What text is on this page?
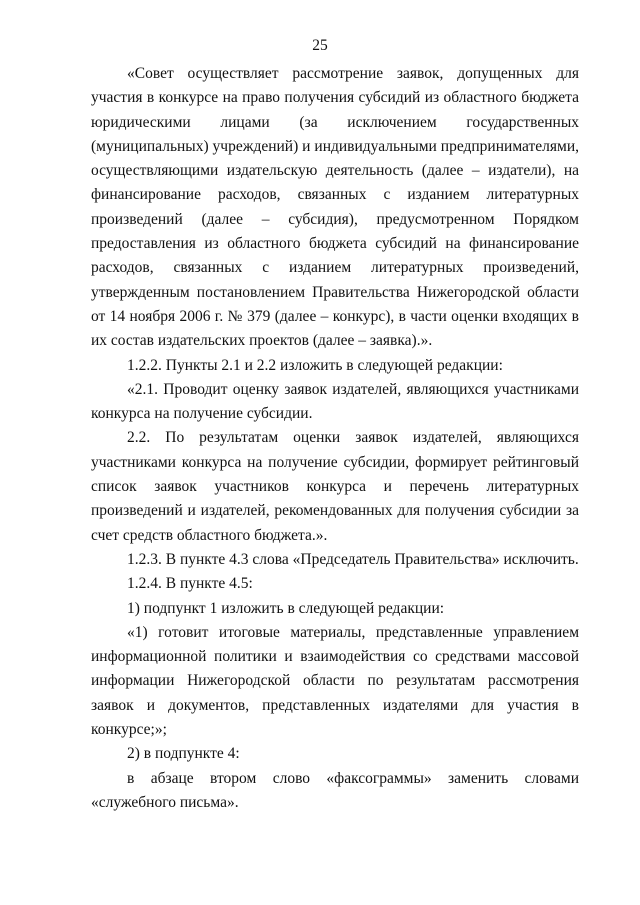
25

«Совет осуществляет рассмотрение заявок, допущенных для участия в конкурсе на право получения субсидий из областного бюджета юридическими лицами (за исключением государственных (муниципальных) учреждений) и индивидуальными предпринимателями, осуществляющими издательскую деятельность (далее – издатели), на финансирование расходов, связанных с изданием литературных произведений (далее – субсидия), предусмотренном Порядком предоставления из областного бюджета субсидий на финансирование расходов, связанных с изданием литературных произведений, утвержденным постановлением Правительства Нижегородской области от 14 ноября 2006 г. № 379 (далее – конкурс), в части оценки входящих в их состав издательских проектов (далее – заявка).».

1.2.2. Пункты 2.1 и 2.2 изложить в следующей редакции:

«2.1. Проводит оценку заявок издателей, являющихся участниками конкурса на получение субсидии.

2.2. По результатам оценки заявок издателей, являющихся участниками конкурса на получение субсидии, формирует рейтинговый список заявок участников конкурса и перечень литературных произведений и издателей, рекомендованных для получения субсидии за счет средств областного бюджета.».

1.2.3. В пункте 4.3 слова «Председатель Правительства» исключить.

1.2.4. В пункте 4.5:

1) подпункт 1 изложить в следующей редакции:

«1) готовит итоговые материалы, представленные управлением информационной политики и взаимодействия со средствами массовой информации Нижегородской области по результатам рассмотрения заявок и документов, представленных издателями для участия в конкурсе;»;

2) в подпункте 4:

в абзаце втором слово «факсограммы» заменить словами «служебного письма».
